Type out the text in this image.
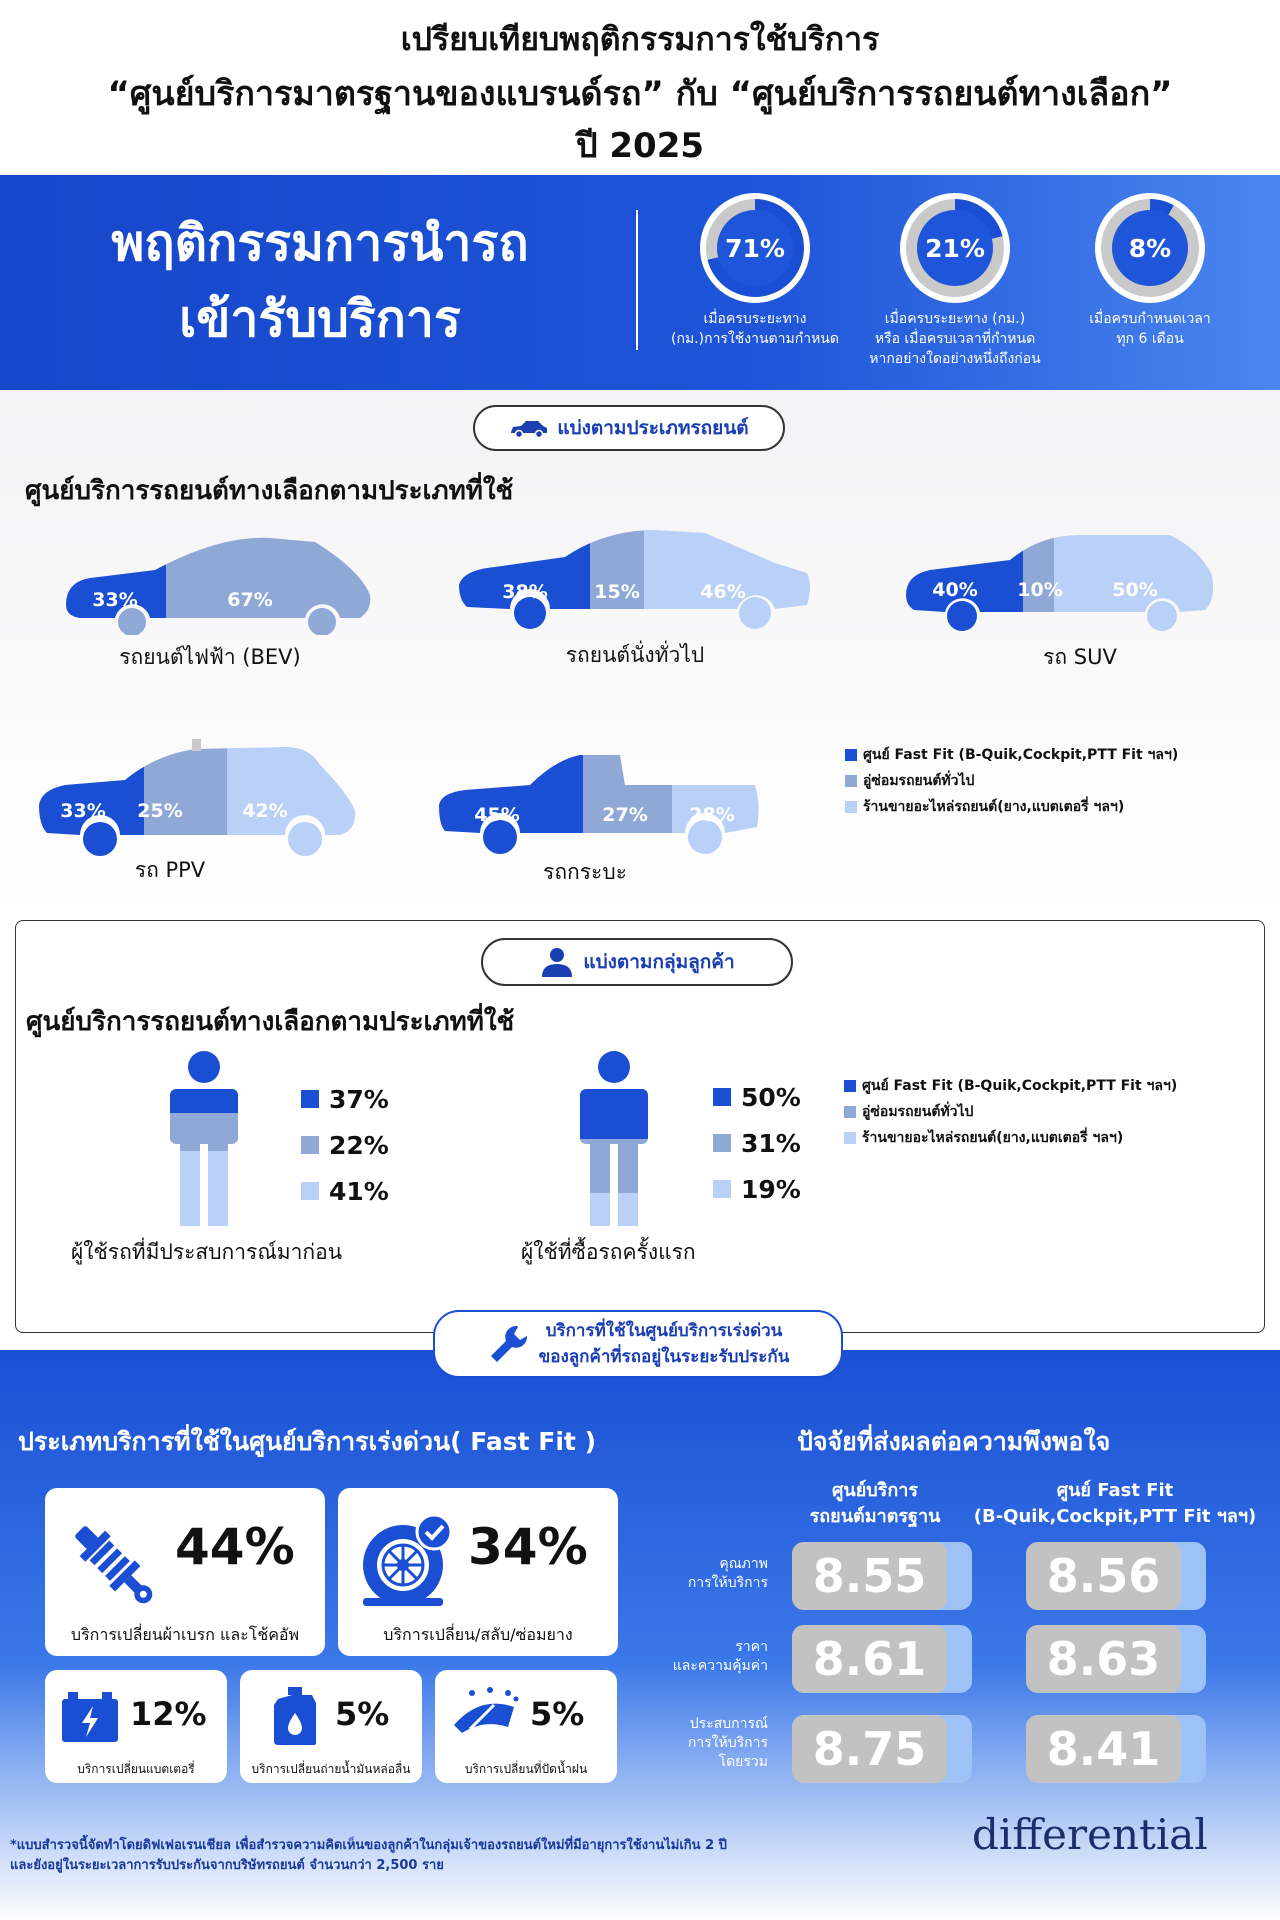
เปรียบเทียบพฤติกรรมการใช้บริการ
“ศูนย์บริการมาตรฐานของแบรนด์รถ” กับ “ศูนย์บริการรถยนต์ทางเลือก”
ปี 2025
พฤติกรรมการนำรถ
เข้ารับบริการ
71%
เมื่อครบระยะทาง
(กม.)การใช้งานตามกำหนด
21%
เมื่อครบระยะทาง (กม.)
หรือ เมื่อครบเวลาที่กำหนด
หากอย่างใดอย่างหนึ่งถึงก่อน
8%
เมื่อครบกำหนดเวลา
ทุก 6 เดือน
แบ่งตามประเภทรถยนต์
ศูนย์บริการรถยนต์ทางเลือกตามประเภทที่ใช้
33%	67%
รถยนต์ไฟฟ้า (BEV)
38% 15%	46%
รถยนต์นั่งทั่วไป
40% 10%	50%
รถ SUV
33% 25%	42%
รถ PPV
45%	27% 28%
รถกระบะ
ศูนย์ Fast Fit (B-Quik,Cockpit,PTT Fit ฯลฯ)
อู่ซ่อมรถยนต์ทั่วไป
ร้านขายอะไหล่รถยนต์(ยาง,แบตเตอรี่ ฯลฯ)
แบ่งตามกลุ่มลูกค้า
ศูนย์บริการรถยนต์ทางเลือกตามประเภทที่ใช้
37%
22%
41%
ผู้ใช้รถที่มีประสบการณ์มาก่อน
50%
31%
19%
ผู้ใช้ที่ซื้อรถครั้งแรก
ศูนย์ Fast Fit (B-Quik,Cockpit,PTT Fit ฯลฯ)
อู่ซ่อมรถยนต์ทั่วไป
ร้านขายอะไหล่รถยนต์(ยาง,แบตเตอรี่ ฯลฯ)
ประเภทบริการที่ใช้ในศูนย์บริการเร่งด่วน( Fast Fit )	ปัจจัยที่ส่งผลต่อความพึงพอใจ
44%
บริการเปลี่ยนผ้าเบรก และโช้คอัพ
34%
บริการเปลี่ยน/สลับ/ซ่อมยาง
12%
บริการเปลี่ยนแบตเตอรี่
5%
บริการเปลี่ยนถ่ายน้ำมันหล่อลื่น
5%
บริการเปลี่ยนที่ปัดน้ำฝน
ศูนย์บริการ
รถยนต์มาตรฐาน
ศูนย์ Fast Fit
(B-Quik,Cockpit,PTT Fit ฯลฯ)
คุณภาพ
การให้บริการ 8.55	8.56
ราคา
และความคุ้มค่า 8.61	8.63
ประสบการณ์
การให้บริการ
โดยรวม 8.75	8.41
*แบบสำรวจนี้จัดทำโดยดิฟเฟอเรนเชียล เพื่อสำรวจความคิดเห็นของลูกค้าในกลุ่มเจ้าของรถยนต์ใหม่ที่มีอายุการใช้งานไม่เกิน 2 ปี
และยังอยู่ในระยะเวลาการรับประกันจากบริษัทรถยนต์ จำนวนกว่า 2,500 ราย
differential
บริการที่ใช้ในศูนย์บริการเร่งด่วน
ของลูกค้าที่รถอยู่ในระยะรับประกัน
